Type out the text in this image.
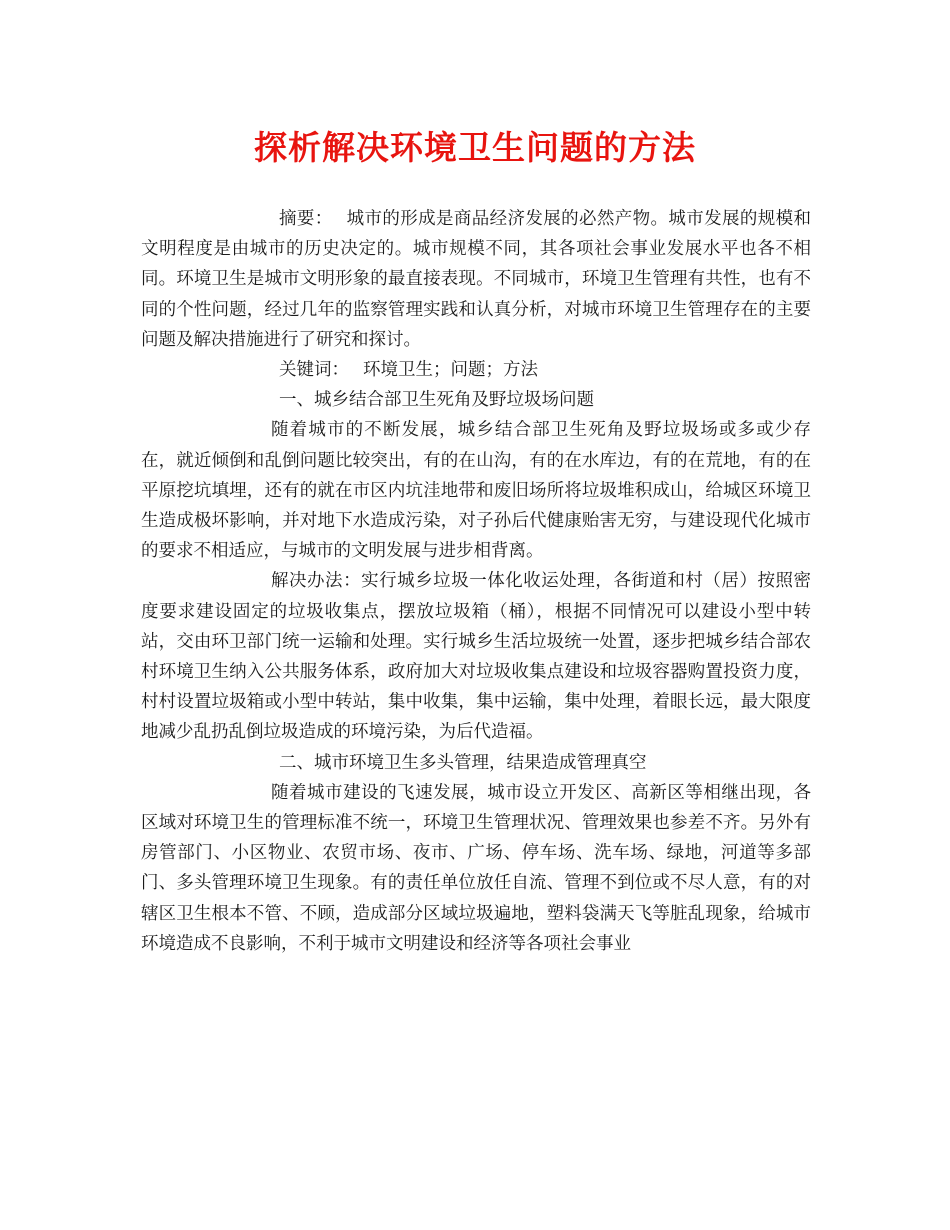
探析解决环境卫生问题的方法

摘要： 城市的形成是商品经济发展的必然产物。城市发展的规模和文明程度是由城市的历史决定的。城市规模不同，其各项社会事业发展水平也各不相同。环境卫生是城市文明形象的最直接表现。不同城市，环境卫生管理有共性，也有不同的个性问题，经过几年的监察管理实践和认真分析，对城市环境卫生管理存在的主要问题及解决措施进行了研究和探讨。

关键词： 环境卫生；问题；方法

一、城乡结合部卫生死角及野垃圾场问题

随着城市的不断发展，城乡结合部卫生死角及野垃圾场或多或少存在，就近倾倒和乱倒问题比较突出，有的在山沟，有的在水库边，有的在荒地，有的在平原挖坑填埋，还有的就在市区内坑洼地带和废旧场所将垃圾堆积成山，给城区环境卫生造成极坏影响，并对地下水造成污染，对子孙后代健康贻害无穷，与建设现代化城市的要求不相适应，与城市的文明发展与进步相背离。

解决办法：实行城乡垃圾一体化收运处理，各街道和村（居）按照密度要求建设固定的垃圾收集点，摆放垃圾箱（桶），根据不同情况可以建设小型中转站，交由环卫部门统一运输和处理。实行城乡生活垃圾统一处置，逐步把城乡结合部农村环境卫生纳入公共服务体系，政府加大对垃圾收集点建设和垃圾容器购置投资力度，村村设置垃圾箱或小型中转站，集中收集，集中运输，集中处理，着眼长远，最大限度地减少乱扔乱倒垃圾造成的环境污染，为后代造福。

二、城市环境卫生多头管理，结果造成管理真空

随着城市建设的飞速发展，城市设立开发区、高新区等相继出现，各区域对环境卫生的管理标准不统一，环境卫生管理状况、管理效果也参差不齐。另外有房管部门、小区物业、农贸市场、夜市、广场、停车场、洗车场、绿地，河道等多部门、多头管理环境卫生现象。有的责任单位放任自流、管理不到位或不尽人意，有的对辖区卫生根本不管、不顾，造成部分区域垃圾遍地，塑料袋满天飞等脏乱现象，给城市环境造成不良影响，不利于城市文明建设和经济等各项社会事业
